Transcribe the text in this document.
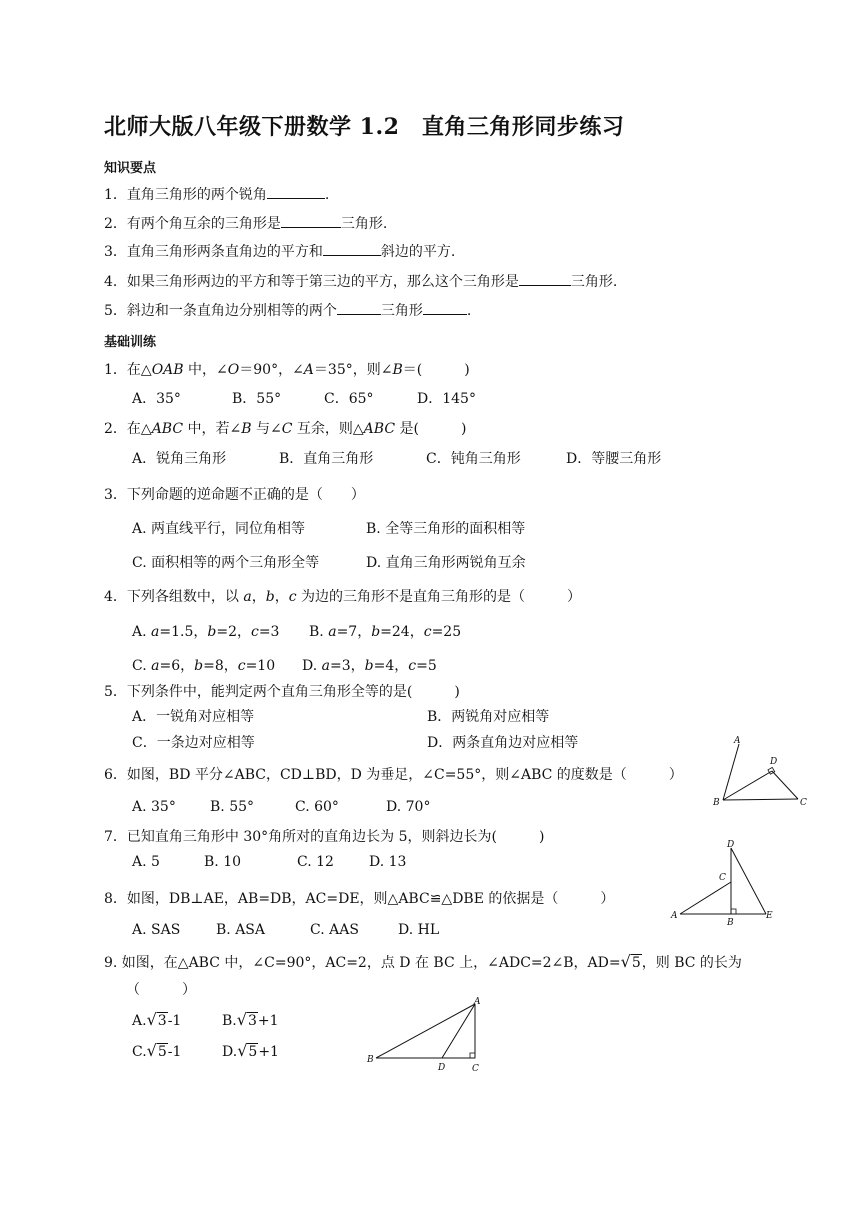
北师大版八年级下册数学 1.2　直角三角形同步练习
知识要点
1．直角三角形的两个锐角	.
2．有两个角互余的三角形是	三角形.
3．直角三角形两条直角边的平方和	斜边的平方.
4．如果三角形两边的平方和等于第三边的平方，那么这个三角形是	三角形.
5．斜边和一条直角边分别相等的两个	三角形	.
基础训练
1．在△OAB 中，∠O＝90°，∠A＝35°，则∠B＝(　　　)
A．35°	B．55°	C．65°	D．145°
2．在△ABC 中，若∠B 与∠C 互余，则△ABC 是(　　　)
A．锐角三角形	B．直角三角形	C．钝角三角形	D．等腰三角形
3．下列命题的逆命题不正确的是（　　）
A. 两直线平行，同位角相等	B. 全等三角形的面积相等
C. 面积相等的两个三角形全等	D. 直角三角形两锐角互余
4．下列各组数中，以 a，b，c 为边的三角形不是直角三角形的是（　　　）
A. a=1.5，b=2，c=3 B. a=7，b=24，c=25
C. a=6，b=8，c=10 D. a=3，b=4，c=5
5．下列条件中，能判定两个直角三角形全等的是(　　　)
A．一锐角对应相等	B．两锐角对应相等
C．一条边对应相等	D．两条直角边对应相等
6．如图，BD 平分∠ABC，CD⊥BD，D 为垂足，∠C=55°，则∠ABC 的度数是（　　　）
A. 35° B. 55°	C. 60°	D. 70°
A
D
B	C
7．已知直角三角形中 30°角所对的直角边长为 5，则斜边长为(　　　)
A. 5	B. 10	C. 12	D. 13
8．如图，DB⊥AE，AB=DB，AC=DE，则△ABC≌△DBE 的依据是（　　　）
A. SAS	B. ASA	C. AAS	D. HL
D
C
A
B
E
9. 如图，在△ABC 中，∠C=90°，AC=2，点 D 在 BC 上，∠ADC=2∠B，AD=√5，则 BC 的长为
（　　　）
A.√3-1	B.√3+1
C.√5-1	D.√5+1
A
B
D	C
